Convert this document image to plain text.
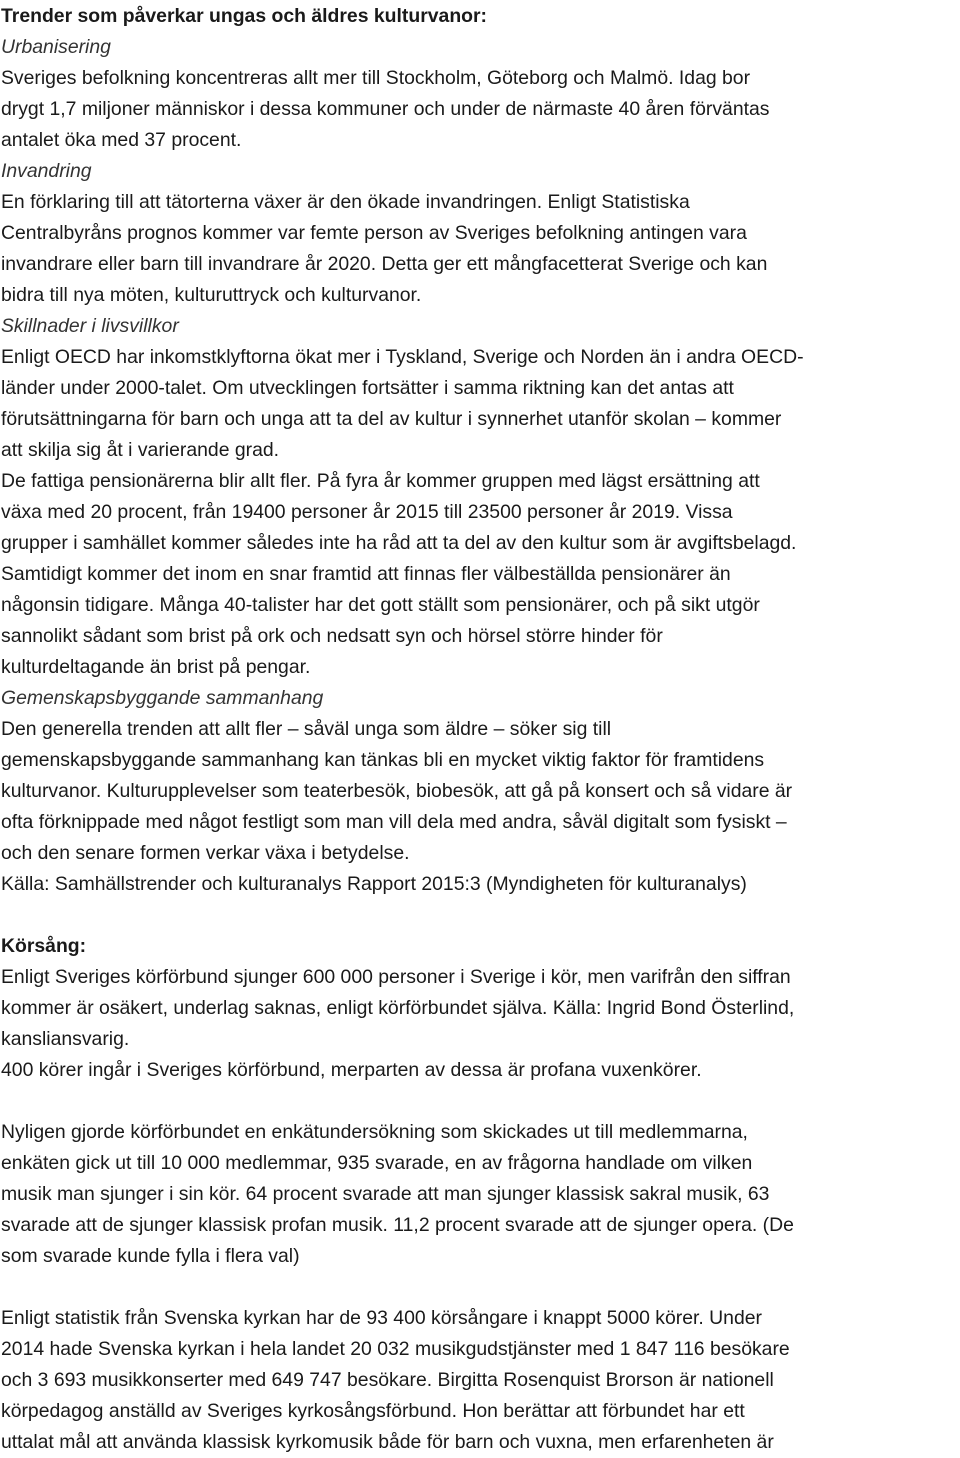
Trender som påverkar ungas och äldres kulturvanor:
Urbanisering
Sveriges befolkning koncentreras allt mer till Stockholm, Göteborg och Malmö. Idag bor
drygt 1,7 miljoner människor i dessa kommuner och under de närmaste 40 åren förväntas
antalet öka med 37 procent.
Invandring
En förklaring till att tätorterna växer är den ökade invandringen. Enligt Statistiska
Centralbyråns prognos kommer var femte person av Sveriges befolkning antingen vara
invandrare eller barn till invandrare år 2020. Detta ger ett mångfacetterat Sverige och kan
bidra till nya möten, kulturuttryck och kulturvanor.
Skillnader i livsvillkor
Enligt OECD har inkomstklyftorna ökat mer i Tyskland, Sverige och Norden än i andra OECD-
länder under 2000-talet. Om utvecklingen fortsätter i samma riktning kan det antas att
förutsättningarna för barn och unga att ta del av kultur i synnerhet utanför skolan – kommer
att skilja sig åt i varierande grad.
De fattiga pensionärerna blir allt fler. På fyra år kommer gruppen med lägst ersättning att
växa med 20 procent, från 19400 personer år 2015 till 23500 personer år 2019. Vissa
grupper i samhället kommer således inte ha råd att ta del av den kultur som är avgiftsbelagd.
Samtidigt kommer det inom en snar framtid att finnas fler välbeställda pensionärer än
någonsin tidigare. Många 40-talister har det gott ställt som pensionärer, och på sikt utgör
sannolikt sådant som brist på ork och nedsatt syn och hörsel större hinder för
kulturdeltagande än brist på pengar.
Gemenskapsbyggande sammanhang
Den generella trenden att allt fler – såväl unga som äldre – söker sig till
gemenskapsbyggande sammanhang kan tänkas bli en mycket viktig faktor för framtidens
kulturvanor. Kulturupplevelser som teaterbesök, biobesök, att gå på konsert och så vidare är
ofta förknippade med något festligt som man vill dela med andra, såväl digitalt som fysiskt –
och den senare formen verkar växa i betydelse.
Källa: Samhällstrender och kulturanalys Rapport 2015:3 (Myndigheten för kulturanalys)
Körsång:
Enligt Sveriges körförbund sjunger 600 000 personer i Sverige i kör, men varifrån den siffran
kommer är osäkert, underlag saknas, enligt körförbundet själva. Källa: Ingrid Bond Österlind,
kansliansvarig.
400 körer ingår i Sveriges körförbund, merparten av dessa är profana vuxenkörer.
Nyligen gjorde körförbundet en enkätundersökning som skickades ut till medlemmarna,
enkäten gick ut till 10 000 medlemmar, 935 svarade, en av frågorna handlade om vilken
musik man sjunger i sin kör. 64 procent svarade att man sjunger klassisk sakral musik, 63
svarade att de sjunger klassisk profan musik. 11,2 procent svarade att de sjunger opera. (De
som svarade kunde fylla i flera val)
Enligt statistik från Svenska kyrkan har de 93 400 körsångare i knappt 5000 körer. Under
2014 hade Svenska kyrkan i hela landet 20 032 musikgudstjänster med 1 847 116 besökare
och 3 693 musikkonserter med 649 747 besökare. Birgitta Rosenquist Brorson är nationell
körpedagog anställd av Sveriges kyrkosångsförbund. Hon berättar att förbundet har ett
uttalat mål att använda klassisk kyrkomusik både för barn och vuxna, men erfarenheten är
